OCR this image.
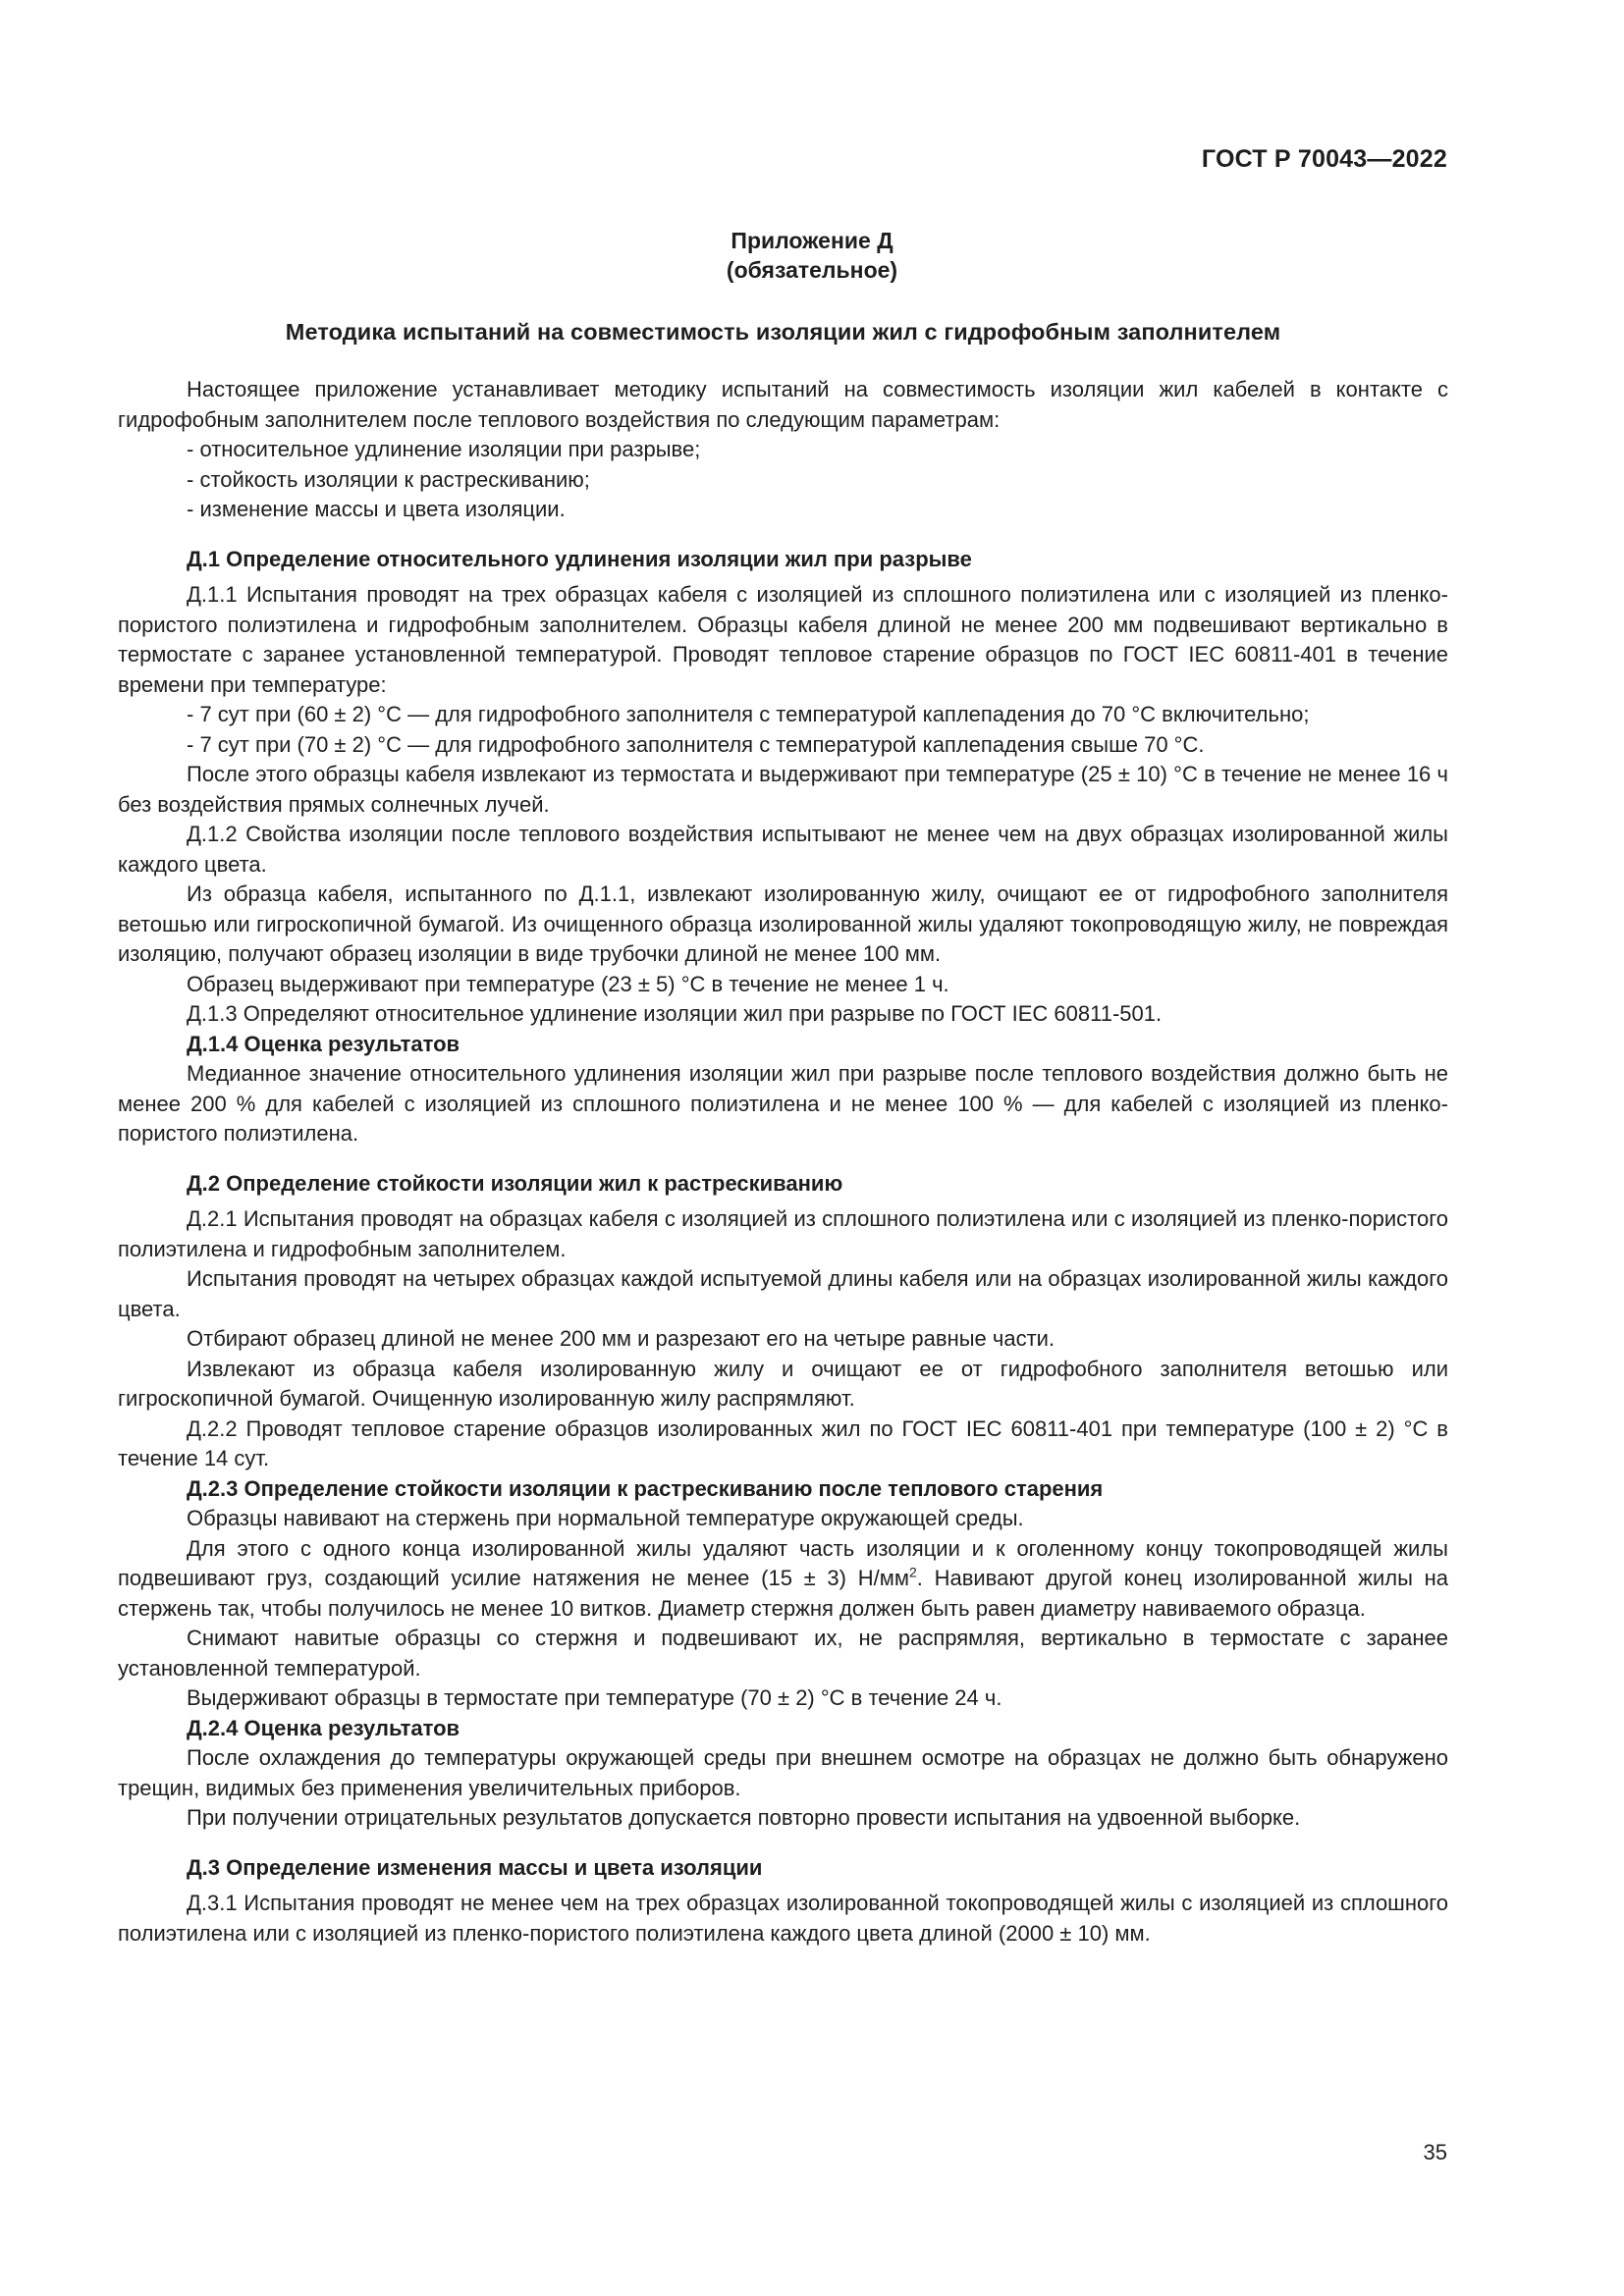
ГОСТ Р 70043—2022
Приложение Д
(обязательное)
Методика испытаний на совместимость изоляции жил с гидрофобным заполнителем

Настоящее приложение устанавливает методику испытаний на совместимость изоляции жил кабелей в контакте с гидрофобным заполнителем после теплового воздействия по следующим параметрам:

- относительное удлинение изоляции при разрыве;
- стойкость изоляции к растрескиванию;
- изменение массы и цвета изоляции.
Д.1 Определение относительного удлинения изоляции жил при разрыве

Д.1.1 Испытания проводят на трех образцах кабеля с изоляцией из сплошного полиэтилена или с изоляцией из пленко-пористого полиэтилена и гидрофобным заполнителем. Образцы кабеля длиной не менее 200 мм подвешивают вертикально в термостате с заранее установленной температурой. Проводят тепловое старение образцов по ГОСТ IEC 60811-401 в течение времени при температуре:

- 7 сут при (60 ± 2) °С — для гидрофобного заполнителя с температурой каплепадения до 70 °С включительно;

- 7 сут при (70 ± 2) °С — для гидрофобного заполнителя с температурой каплепадения свыше 70 °С.

После этого образцы кабеля извлекают из термостата и выдерживают при температуре (25 ± 10) °С в течение не менее 16 ч без воздействия прямых солнечных лучей.

Д.1.2 Свойства изоляции после теплового воздействия испытывают не менее чем на двух образцах изолированной жилы каждого цвета.

Из образца кабеля, испытанного по Д.1.1, извлекают изолированную жилу, очищают ее от гидрофобного заполнителя ветошью или гигроскопичной бумагой. Из очищенного образца изолированной жилы удаляют токопроводящую жилу, не повреждая изоляцию, получают образец изоляции в виде трубочки длиной не менее 100 мм.

Образец выдерживают при температуре (23 ± 5) °С в течение не менее 1 ч.

Д.1.3 Определяют относительное удлинение изоляции жил при разрыве по ГОСТ IEC 60811-501.

Д.1.4 Оценка результатов

Медианное значение относительного удлинения изоляции жил при разрыве после теплового воздействия должно быть не менее 200 % для кабелей с изоляцией из сплошного полиэтилена и не менее 100 % — для кабелей с изоляцией из пленко-пористого полиэтилена.

Д.2 Определение стойкости изоляции жил к растрескиванию

Д.2.1 Испытания проводят на образцах кабеля с изоляцией из сплошного полиэтилена или с изоляцией из пленко-пористого полиэтилена и гидрофобным заполнителем.

Испытания проводят на четырех образцах каждой испытуемой длины кабеля или на образцах изолированной жилы каждого цвета.

Отбирают образец длиной не менее 200 мм и разрезают его на четыре равные части.

Извлекают из образца кабеля изолированную жилу и очищают ее от гидрофобного заполнителя ветошью или гигроскопичной бумагой. Очищенную изолированную жилу распрямляют.

Д.2.2 Проводят тепловое старение образцов изолированных жил по ГОСТ IEC 60811-401 при температуре (100 ± 2) °С в течение 14 сут.

Д.2.3 Определение стойкости изоляции к растрескиванию после теплового старения

Образцы навивают на стержень при нормальной температуре окружающей среды.

Для этого с одного конца изолированной жилы удаляют часть изоляции и к оголенному концу токопроводящей жилы подвешивают груз, создающий усилие натяжения не менее (15 ± 3) $Н/мм^2$. Навивают другой конец изолированной жилы на стержень так, чтобы получилось не менее 10 витков. Диаметр стержня должен быть равен диаметру навиваемого образца.

Снимают навитые образцы со стержня и подвешивают их, не распрямляя, вертикально в термостате с заранее установленной температурой.

Выдерживают образцы в термостате при температуре (70 ± 2) °С в течение 24 ч.

Д.2.4 Оценка результатов

После охлаждения до температуры окружающей среды при внешнем осмотре на образцах не должно быть обнаружено трещин, видимых без применения увеличительных приборов.

При получении отрицательных результатов допускается повторно провести испытания на удвоенной выборке.

Д.3 Определение изменения массы и цвета изоляции

Д.3.1 Испытания проводят не менее чем на трех образцах изолированной токопроводящей жилы с изоляцией из сплошного полиэтилена или с изоляцией из пленко-пористого полиэтилена каждого цвета длиной (2000 ± 10) мм.

35
